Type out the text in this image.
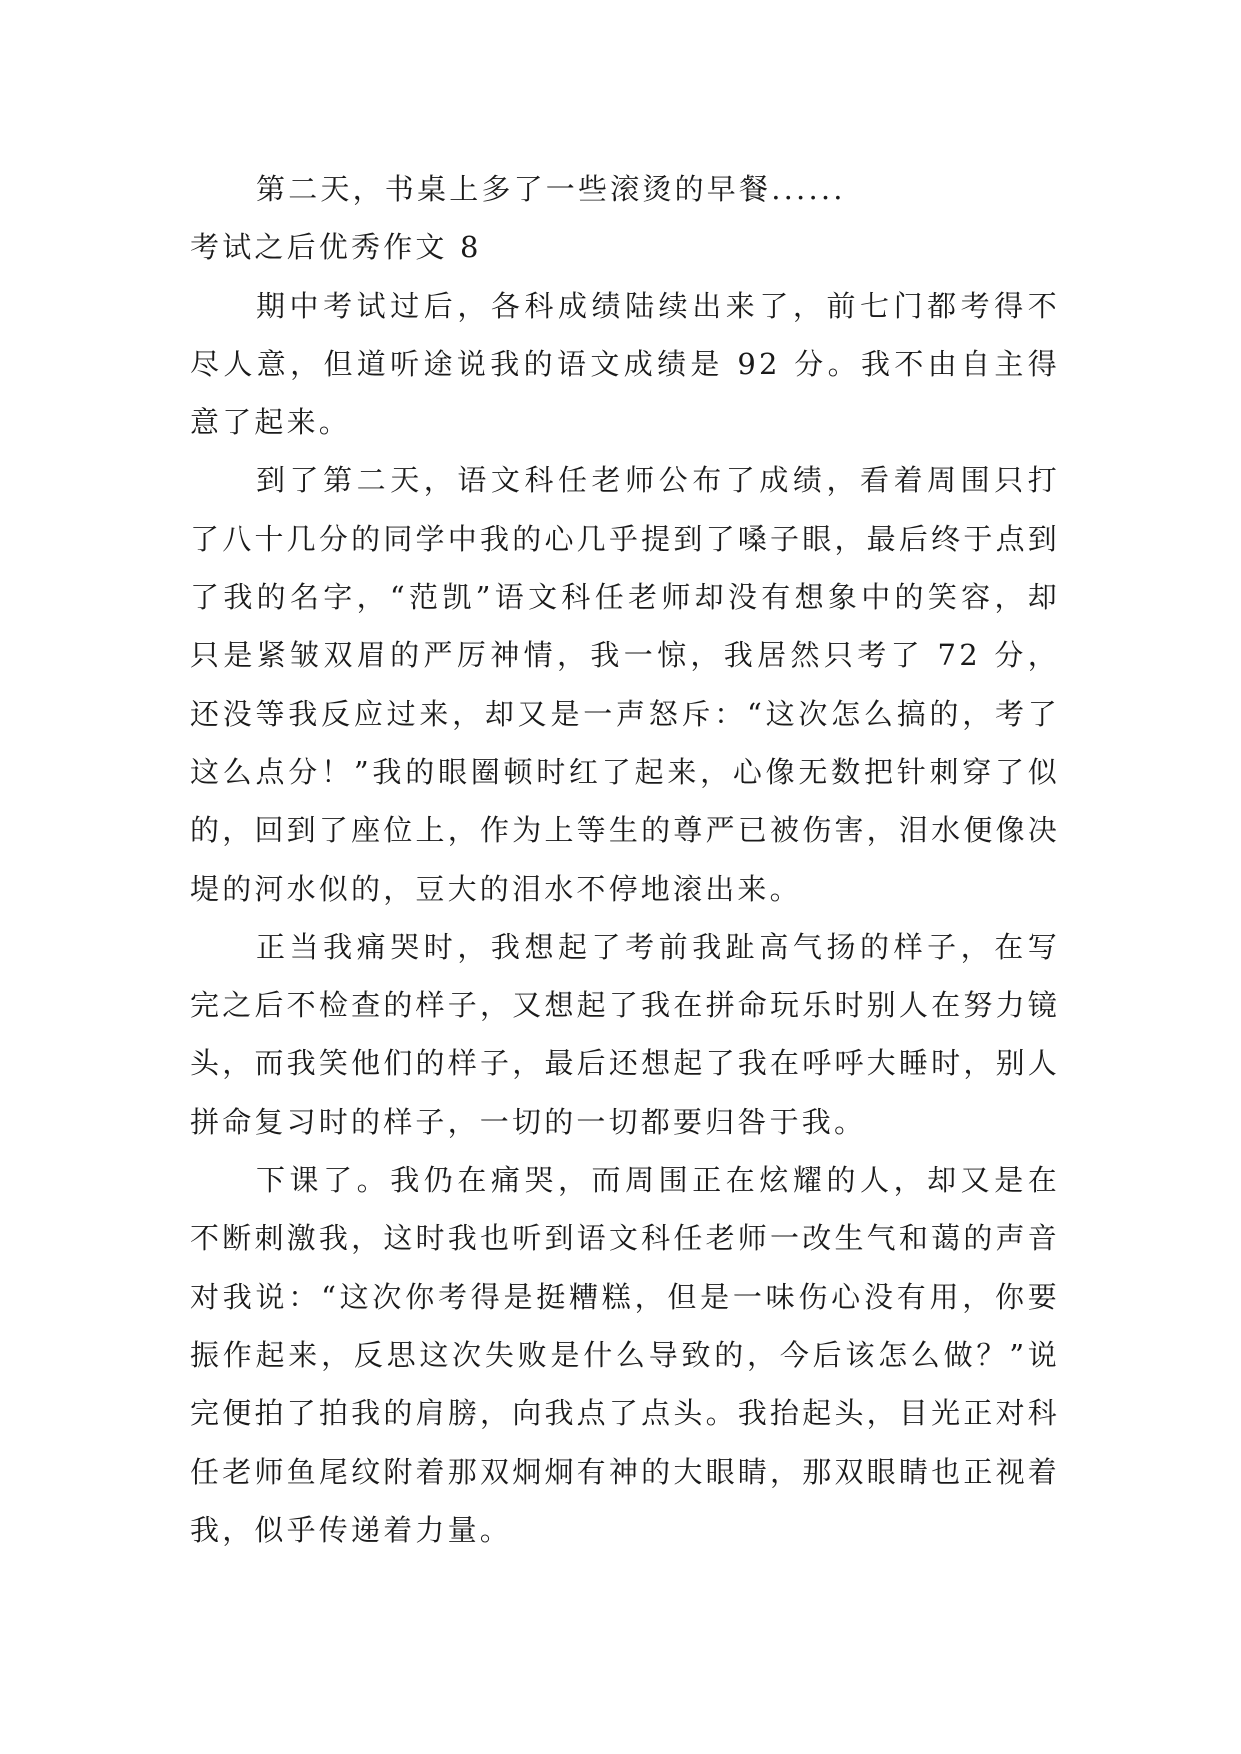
第二天，书桌上多了一些滚烫的早餐......

考试之后优秀作文 8

期中考试过后，各科成绩陆续出来了，前七门都考得不尽人意，但道听途说我的语文成绩是 92 分。我不由自主得意了起来。

到了第二天，语文科任老师公布了成绩，看着周围只打了八十几分的同学中我的心几乎提到了嗓子眼，最后终于点到了我的名字，“范凯”语文科任老师却没有想象中的笑容，却只是紧皱双眉的严厉神情，我一惊，我居然只考了 72 分，还没等我反应过来，却又是一声怒斥：“这次怎么搞的，考了这么点分！”我的眼圈顿时红了起来，心像无数把针刺穿了似的，回到了座位上，作为上等生的尊严已被伤害，泪水便像决堤的河水似的，豆大的泪水不停地滚出来。

正当我痛哭时，我想起了考前我趾高气扬的样子，在写完之后不检查的样子，又想起了我在拼命玩乐时别人在努力镜头，而我笑他们的样子，最后还想起了我在呼呼大睡时，别人拼命复习时的样子，一切的一切都要归咎于我。

下课了。我仍在痛哭，而周围正在炫耀的人，却又是在不断刺激我，这时我也听到语文科任老师一改生气和蔼的声音对我说：“这次你考得是挺糟糕，但是一味伤心没有用，你要振作起来，反思这次失败是什么导致的，今后该怎么做？”说完便拍了拍我的肩膀，向我点了点头。我抬起头，目光正对科任老师鱼尾纹附着那双炯炯有神的大眼睛，那双眼睛也正视着我，似乎传递着力量。
